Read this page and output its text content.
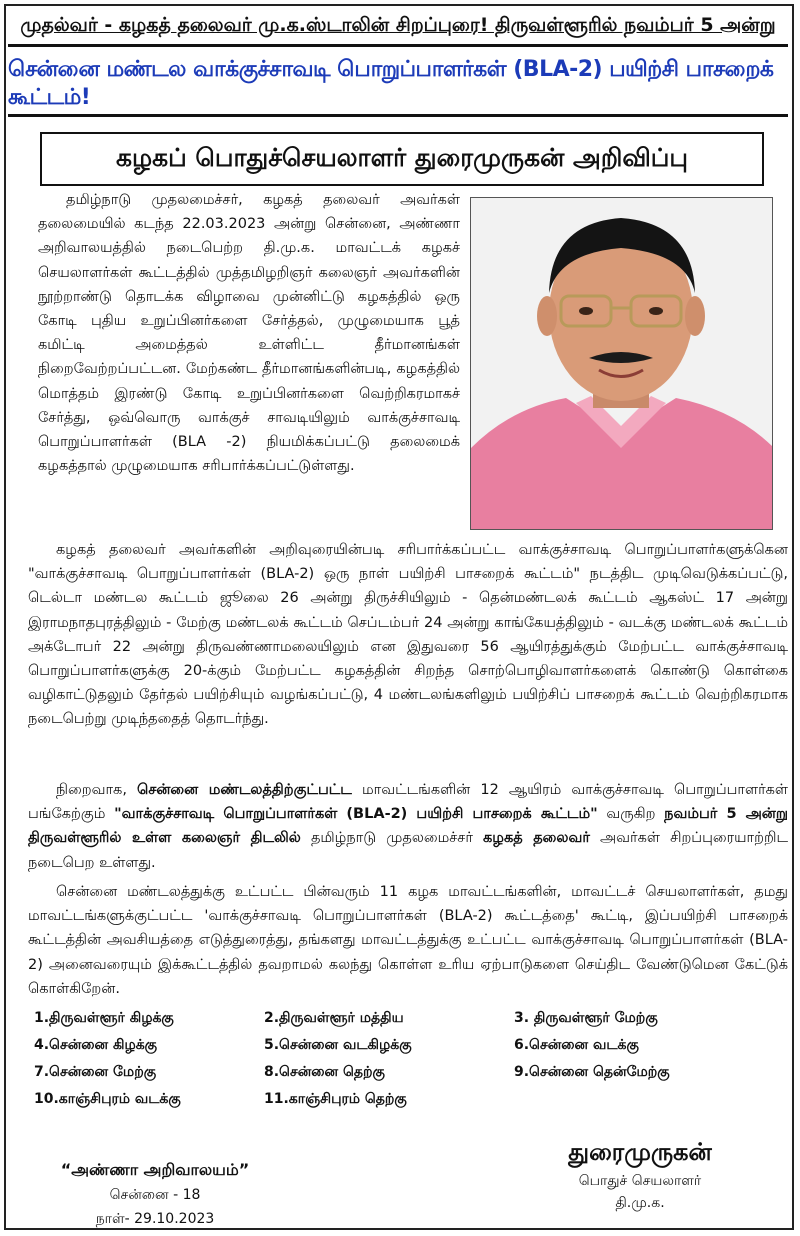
முதல்வர் - கழகத் தலைவர் மு.க.ஸ்டாலின் சிறப்புரை! திருவள்ளூரில் நவம்பர் 5 அன்று
சென்னை மண்டல வாக்குச்சாவடி பொறுப்பாளர்கள் (BLA-2) பயிற்சி பாசறைக் கூட்டம்!
கழகப் பொதுச்செயலாளர் துரைமுருகன் அறிவிப்பு

தமிழ்நாடு முதலமைச்சர், கழகத் தலைவர் அவர்கள் தலைமையில் கடந்த 22.03.2023 அன்று சென்னை, அண்ணா அறிவாலயத்தில் நடைபெற்ற தி.மு.க. மாவட்டக் கழகச் செயலாளர்கள் கூட்டத்தில் முத்தமிழறிஞர் கலைஞர் அவர்களின் நூற்றாண்டு தொடக்க விழாவை முன்னிட்டு கழகத்தில் ஒரு கோடி புதிய உறுப்பினர்களை சேர்த்தல், முழுமையாக பூத் கமிட்டி அமைத்தல் உள்ளிட்ட தீர்மானங்கள் நிறைவேற்றப்பட்டன. மேற்கண்ட தீர்மானங்களின்படி, கழகத்தில் மொத்தம் இரண்டு கோடி உறுப்பினர்களை வெற்றிகரமாகச் சேர்த்து, ஒவ்வொரு வாக்குச் சாவடியிலும் வாக்குச்சாவடி பொறுப்பாளர்கள் (BLA -2) நியமிக்கப்பட்டு தலைமைக் கழகத்தால் முழுமையாக சரிபார்க்கப்பட்டுள்ளது.

கழகத் தலைவர் அவர்களின் அறிவுரையின்படி சரிபார்க்கப்பட்ட வாக்குச்சாவடி பொறுப்பாளர்களுக்கென "வாக்குச்சாவடி பொறுப்பாளர்கள் (BLA-2) ஒரு நாள் பயிற்சி பாசறைக் கூட்டம்" நடத்திட முடிவெடுக்கப்பட்டு, டெல்டா மண்டல கூட்டம் ஜூலை 26 அன்று திருச்சியிலும் - தென்மண்டலக் கூட்டம் ஆகஸ்ட் 17 அன்று இராமநாதபுரத்திலும் - மேற்கு மண்டலக் கூட்டம் செப்டம்பர் 24 அன்று காங்கேயத்திலும் - வடக்கு மண்டலக் கூட்டம் அக்டோபர் 22 அன்று திருவண்ணாமலையிலும் என இதுவரை 56 ஆயிரத்துக்கும் மேற்பட்ட வாக்குச்சாவடி பொறுப்பாளர்களுக்கு 20-க்கும் மேற்பட்ட கழகத்தின் சிறந்த சொற்பொழிவாளர்களைக் கொண்டு கொள்கை வழிகாட்டுதலும் தேர்தல் பயிற்சியும் வழங்கப்பட்டு, 4 மண்டலங்களிலும் பயிற்சிப் பாசறைக் கூட்டம் வெற்றிகரமாக நடைபெற்று முடிந்ததைத் தொடர்ந்து.

நிறைவாக, சென்னை மண்டலத்திற்குட்பட்ட மாவட்டங்களின் 12 ஆயிரம் வாக்குச்சாவடி பொறுப்பாளர்கள் பங்கேற்கும் "வாக்குச்சாவடி பொறுப்பாளர்கள் (BLA-2) பயிற்சி பாசறைக் கூட்டம்" வருகிற நவம்பர் 5 அன்று திருவள்ளூரில் உள்ள கலைஞர் திடலில் தமிழ்நாடு முதலமைச்சர் கழகத் தலைவர் அவர்கள் சிறப்புரையாற்றிட நடைபெற உள்ளது.

சென்னை மண்டலத்துக்கு உட்பட்ட பின்வரும் 11 கழக மாவட்டங்களின், மாவட்டச் செயலாளர்கள், தமது மாவட்டங்களுக்குட்பட்ட 'வாக்குச்சாவடி பொறுப்பாளர்கள் (BLA-2) கூட்டத்தை' கூட்டி, இப்பயிற்சி பாசறைக் கூட்டத்தின் அவசியத்தை எடுத்துரைத்து, தங்களது மாவட்டத்துக்கு உட்பட்ட வாக்குச்சாவடி பொறுப்பாளர்கள் (BLA-2) அனைவரையும் இக்கூட்டத்தில் தவறாமல் கலந்து கொள்ள உரிய ஏற்பாடுகளை செய்திட வேண்டுமென கேட்டுக் கொள்கிறேன்.

1.திருவள்ளூர் கிழக்கு	2.திருவள்ளூர் மத்திய	3. திருவள்ளூர் மேற்கு
4.சென்னை கிழக்கு	5.சென்னை வடகிழக்கு	6.சென்னை வடக்கு
7.சென்னை மேற்கு	8.சென்னை தெற்கு	9.சென்னை தென்மேற்கு
10.காஞ்சிபுரம் வடக்கு	11.காஞ்சிபுரம் தெற்கு
“அண்ணா அறிவாலயம்”
சென்னை - 18
நாள்- 29.10.2023
துரைமுருகன்
பொதுச் செயலாளர்
தி.மு.க.
